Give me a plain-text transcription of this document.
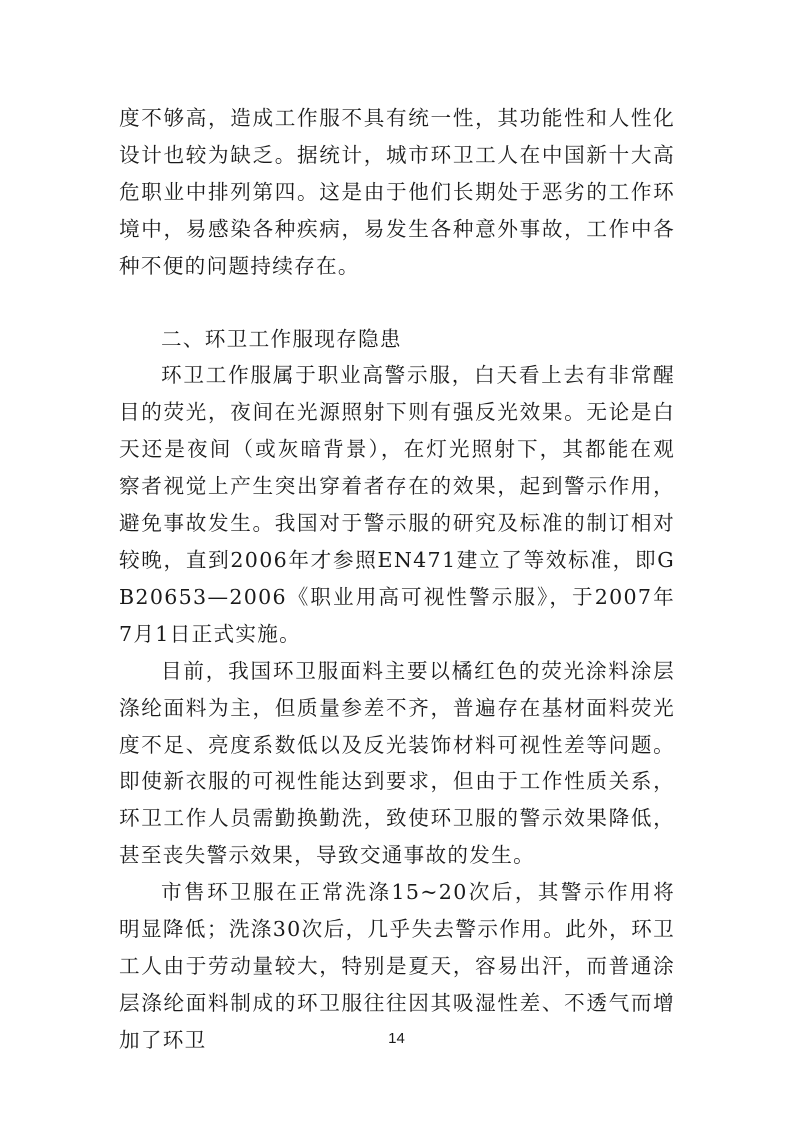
度不够高，造成工作服不具有统一性，其功能性和人性化设计也较为缺乏。据统计，城市环卫工人在中国新十大高危职业中排列第四。这是由于他们长期处于恶劣的工作环境中，易感染各种疾病，易发生各种意外事故，工作中各种不便的问题持续存在。

二、环卫工作服现存隐患

环卫工作服属于职业高警示服，白天看上去有非常醒目的荧光，夜间在光源照射下则有强反光效果。无论是白天还是夜间（或灰暗背景），在灯光照射下，其都能在观察者视觉上产生突出穿着者存在的效果，起到警示作用，避免事故发生。我国对于警示服的研究及标准的制订相对较晚，直到2006年才参照EN471建立了等效标准，即GB20653—2006《职业用高可视性警示服》，于2007年7月1日正式实施。

目前，我国环卫服面料主要以橘红色的荧光涂料涂层涤纶面料为主，但质量参差不齐，普遍存在基材面料荧光度不足、亮度系数低以及反光装饰材料可视性差等问题。即使新衣服的可视性能达到要求，但由于工作性质关系，环卫工作人员需勤换勤洗，致使环卫服的警示效果降低，甚至丧失警示效果，导致交通事故的发生。

市售环卫服在正常洗涤15~20次后，其警示作用将明显降低；洗涤30次后，几乎失去警示作用。此外，环卫工人由于劳动量较大，特别是夏天，容易出汗，而普通涂层涤纶面料制成的环卫服往往因其吸湿性差、不透气而增加了环卫	14
